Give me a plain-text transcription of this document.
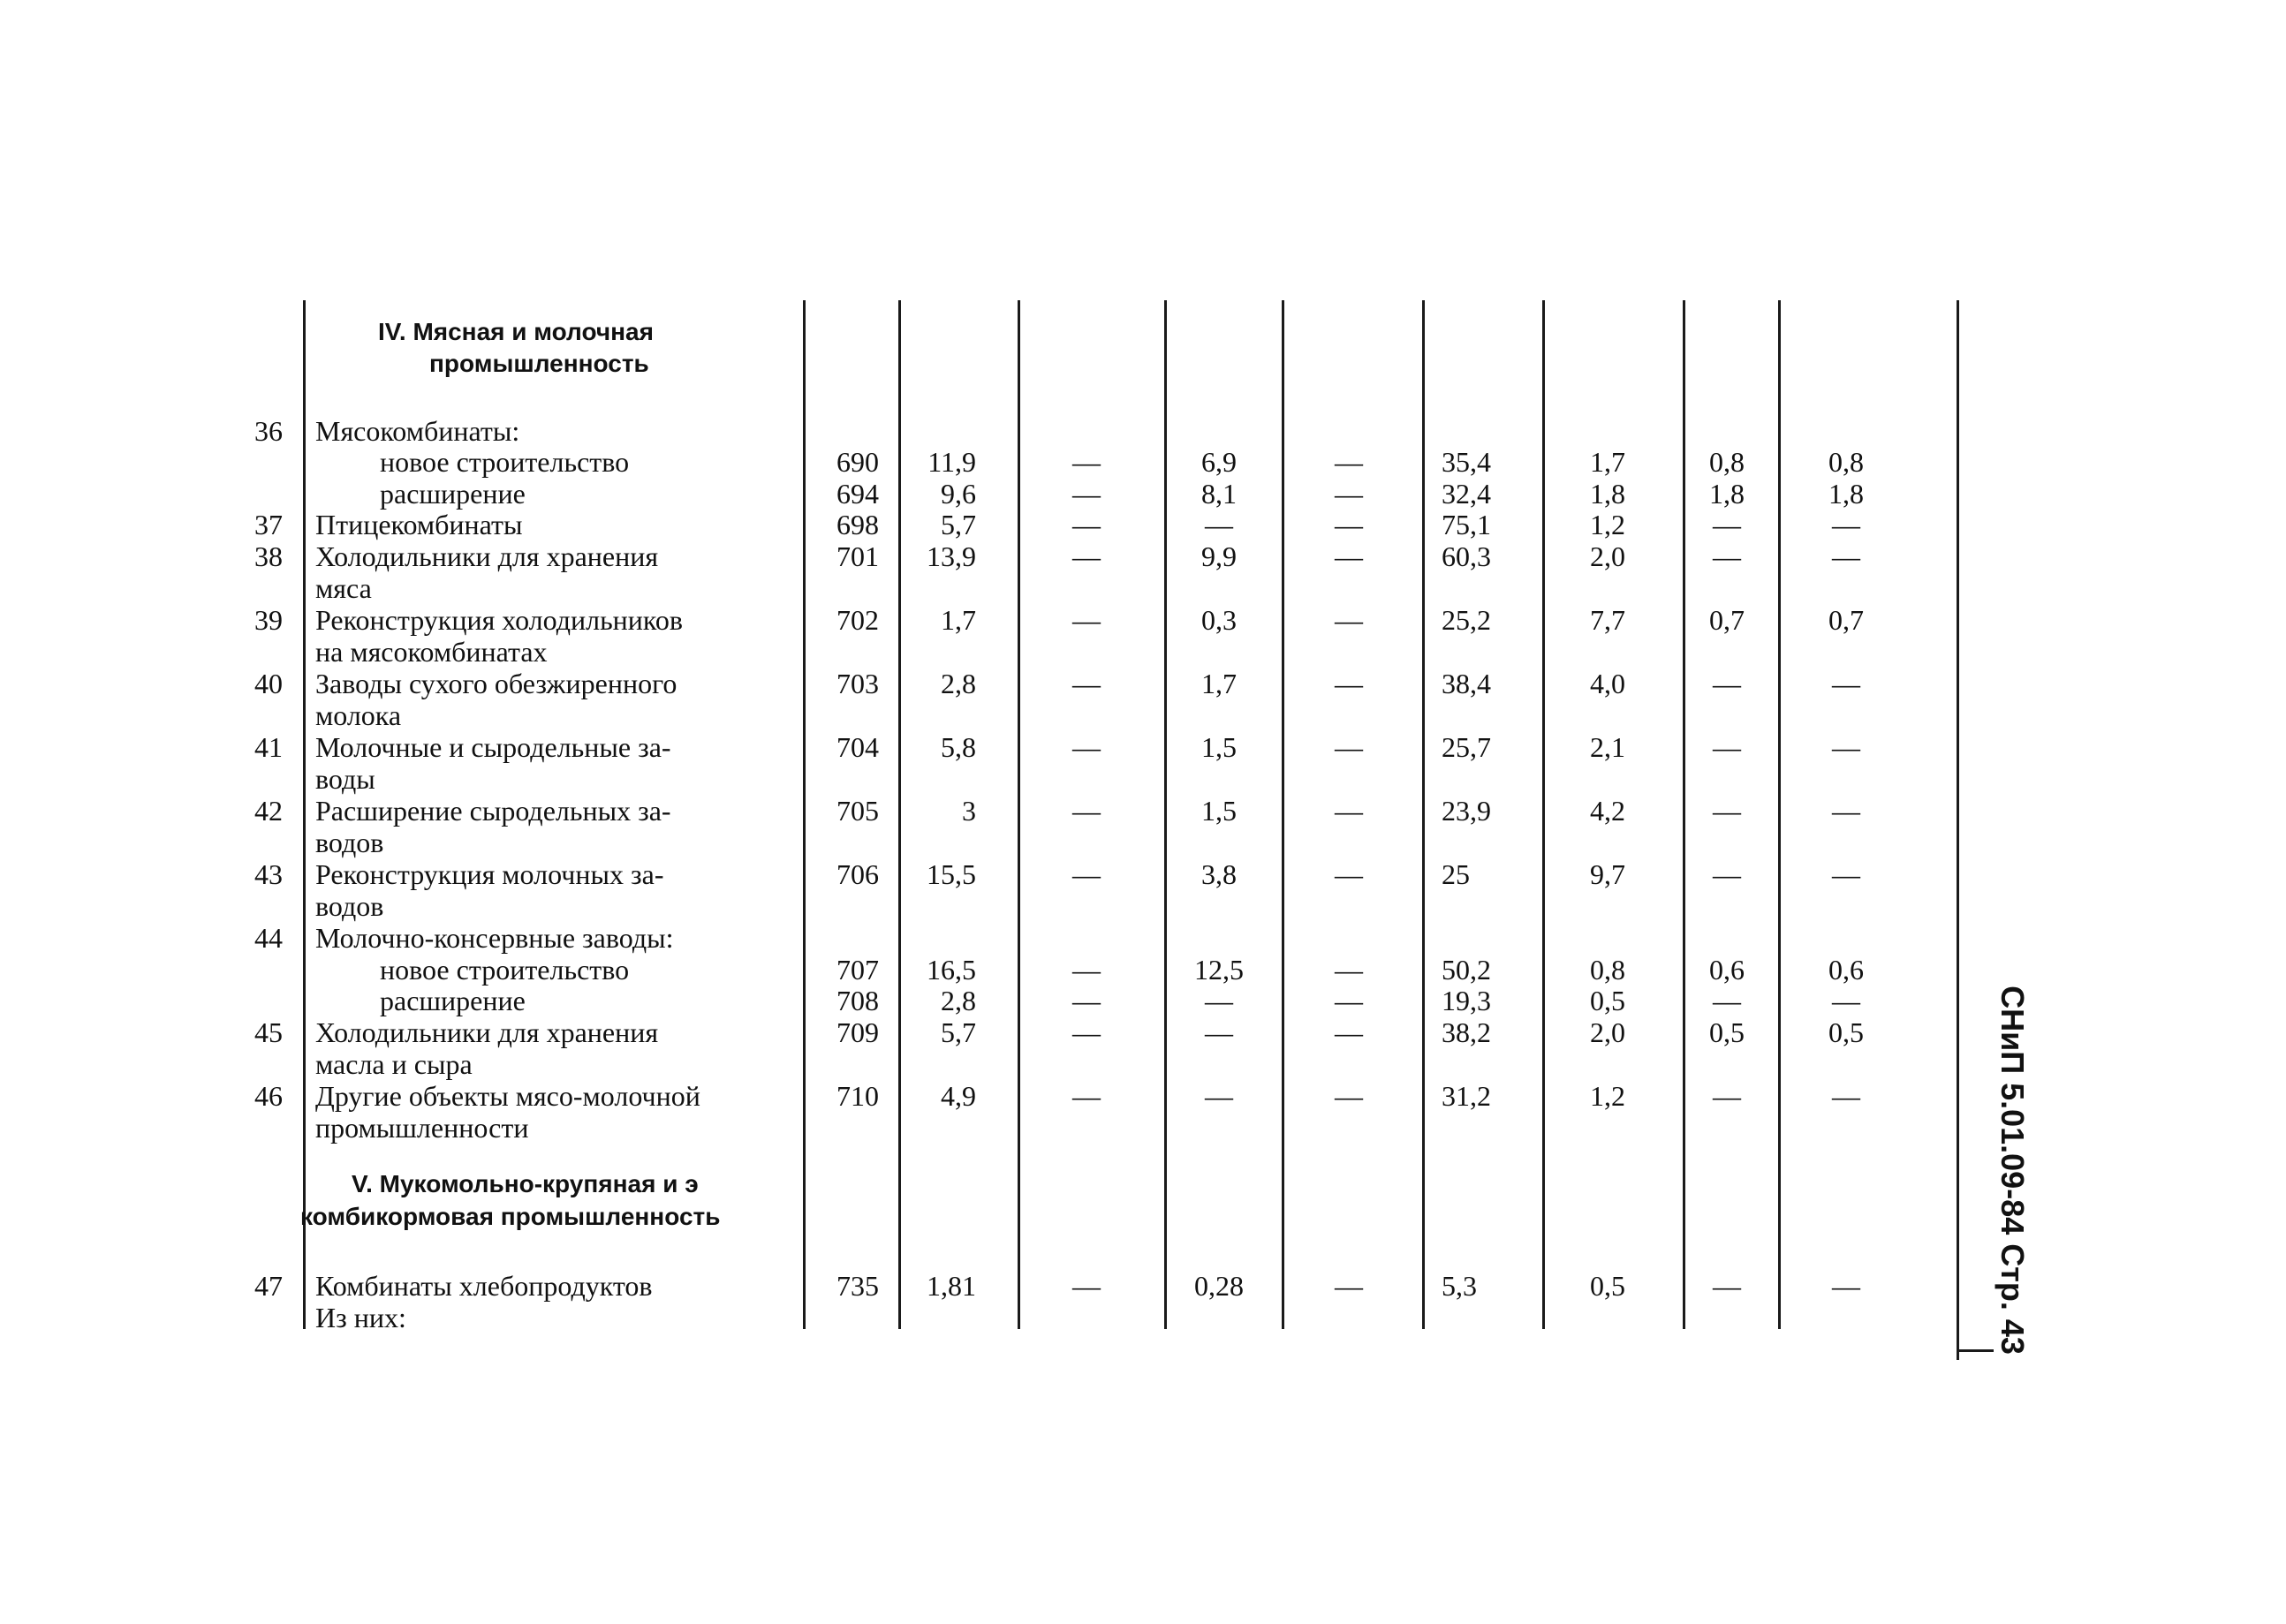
IV. Мясная и молочная
промышленность
V. Мукомольно-крупяная и э
комбикормовая промышленность
36 Мясокомбинаты:
новое строительство	690	11,9	—	6,9	—	35,4	1,7	0,8	0,8
расширение	694	9,6	—	8,1	—	32,4	1,8	1,8	1,8
37 Птицекомбинаты	698	5,7	—	—	—	75,1	1,2	—	—
38 Холодильники для хранения
мяса
701	13,9	—	9,9	—	60,3	2,0	—	—
39 Реконструкция холодильников
на мясокомбинатах
702	1,7	—	0,3	—	25,2	7,7	0,7	0,7
40 Заводы сухого обезжиренного
молока
703	2,8	—	1,7	—	38,4	4,0	—	—
41 Молочные и сыродельные за-
воды
704	5,8	—	1,5	—	25,7	2,1	—	—
42 Расширение сыродельных за-
водов
705	3	—	1,5	—	23,9	4,2	—	—
43 Реконструкция молочных за-
водов
706	15,5	—	3,8	—	25	9,7	—	—
44 Молочно-консервные заводы:
новое строительство	707	16,5	—	12,5	—	50,2	0,8	0,6	0,6
расширение	708	2,8	—	—	—	19,3	0,5	—	—
45 Холодильники для хранения
масла и сыра
709	5,7	—	—	—	38,2	2,0	0,5	0,5
46 Другие объекты мясо-молочной
промышленности
710	4,9	—	—	—	31,2	1,2	—	—
47 Комбинаты хлебопродуктов
Из них:
735	1,81	—	0,28	—	5,3	0,5	—	—	СНиП 5.01.09-84 Стр. 43
